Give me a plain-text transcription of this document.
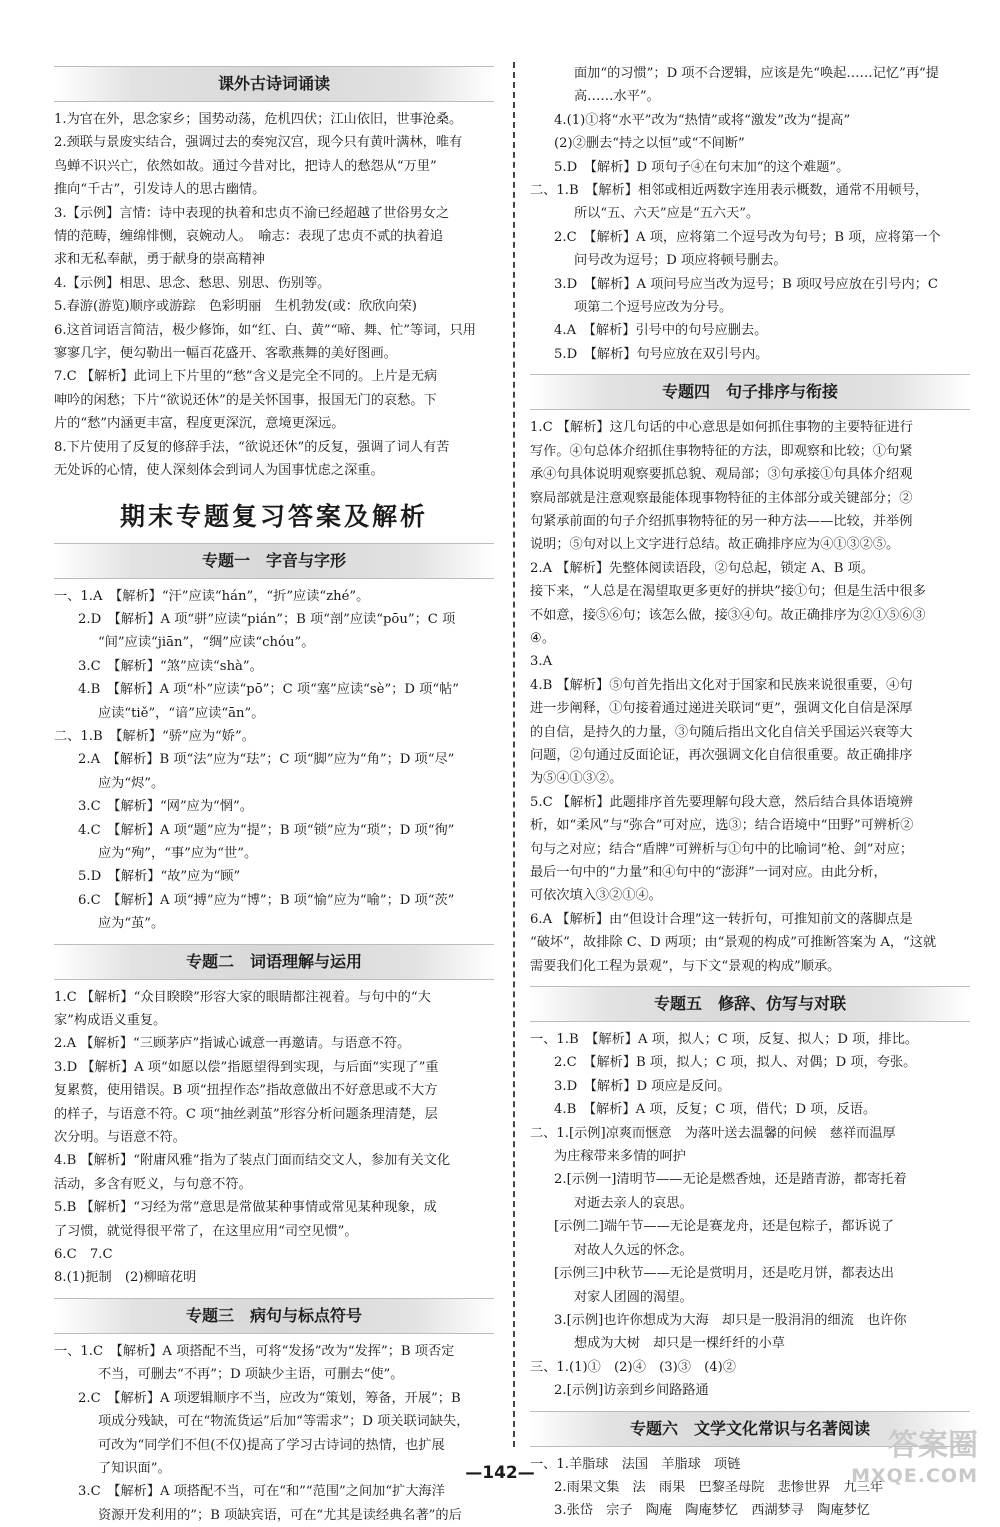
课外古诗词诵读

1.为官在外，思念家乡；国势动荡，危机四伏；江山依旧，世事沧桑。

2.颈联与景废实结合，强调过去的奏宛汉宫，现今只有黄叶满林，唯有

鸟蝉不识兴亡，依然如故。通过今昔对比，把诗人的愁怨从“万里”

推向“千古”，引发诗人的思古幽情。

3.【示例】言情：诗中表现的执着和忠贞不渝已经超越了世俗男女之

情的范畴，缠绵悱恻，哀婉动人。　喻志：表现了忠贞不贰的执着追

求和无私奉献，勇于献身的崇高精神

4.【示例】相思、思念、愁思、别思、伤别等。

5.春游(游览)顺序或游踪　色彩明丽　生机勃发(或：欣欣向荣)

6.这首词语言简洁，极少修饰，如“红、白、黄”“啼、舞、忙”等词，只用

寥寥几字，便勾勒出一幅百花盛开、客歌燕舞的美好图画。

7.C 【解析】此词上下片里的“愁”含义是完全不同的。上片是无病

呻吟的闲愁；下片“欲说还休”的是关怀国事，报国无门的哀愁。下

片的“愁”内涵更丰富，程度更深沉，意境更深远。

8.下片使用了反复的修辞手法，“欲说还休”的反复，强调了词人有苦

无处诉的心情，使人深刻体会到词人为国事忧虑之深重。

期末专题复习答案及解析
专题一　字音与字形

一、1.A　【解析】“汗”应读“hán”，“折”应读“zhé”。

2.D　【解析】A 项“骈”应读“pián”；B 项“剖”应读“pōu”；C 项

“间”应读“jiān”，“绸”应读“chóu”。

3.C　【解析】“煞”应读“shà”。

4.B　【解析】A 项“朴”应读“pō”；C 项“塞”应读“sè”；D 项“帖”

应读“tiě”，“谙”应读“ān”。

二、1.B　【解析】“骄”应为“娇”。

2.A　【解析】B 项“法”应为“珐”；C 项“脚”应为“角”；D 项“尽”

应为“烬”。

3.C　【解析】“网”应为“惘”。

4.C　【解析】A 项“题”应为“提”；B 项“锁”应为“琐”；D 项“徇”

应为“殉”，“事”应为“世”。

5.D　【解析】“故”应为“顾”

6.C　【解析】A 项“搏”应为“博”；B 项“愉”应为“喻”；D 项“茨”

应为“茧”。

专题二　词语理解与运用

1.C 【解析】“众目睽睽”形容大家的眼睛都注视着。与句中的“大

家”构成语义重复。

2.A 【解析】“三顾茅庐”指诚心诚意一再邀请。与语意不符。

3.D 【解析】A 项“如愿以偿”指愿望得到实现，与后面“实现了”重

复累赘，使用错误。B 项“扭捏作态”指故意做出不好意思或不大方

的样子，与语意不符。C 项“抽丝剥茧”形容分析问题条理清楚，层

次分明。与语意不符。

4.B 【解析】“附庸风雅”指为了装点门面而结交文人，参加有关文化

活动，多含有贬义，与句意不符。

5.B 【解析】“习经为常”意思是常做某种事情或常见某种现象，成

了习惯，就觉得很平常了，在这里应用“司空见惯”。

6.C　7.C

8.(1)扼制　(2)柳暗花明

专题三　病句与标点符号

一、1.C　【解析】A 项搭配不当，可将“发扬”改为“发挥”；B 项否定

不当，可删去“不再”；D 项缺少主语，可删去“使”。

2.C　【解析】A 项逻辑顺序不当，应改为“策划，筹备，开展”；B

项成分残缺，可在“物流货运”后加“等需求”；D 项关联词缺失，

可改为“同学们不但(不仅)提高了学习古诗词的热情，也扩展

了知识面”。

3.C　【解析】A 项搭配不当，可在“和”“范围”之间加“扩大海洋

资源开发利用的”；B 项缺宾语，可在“尤其是读经典名著”的后

面加“的习惯”；D 项不合逻辑，应该是先“唤起……记忆”再“提

高……水平”。

4.(1)①将“水平”改为“热情”或将“激发”改为“提高”

(2)②删去“持之以恒”或“不间断”

5.D　【解析】D 项句子④在句末加“的这个难题”。

二、1.B　【解析】相邻或相近两数字连用表示概数，通常不用顿号，

所以“五、六天”应是“五六天”。

2.C　【解析】A 项，应将第二个逗号改为句号；B 项，应将第一个

问号改为逗号；D 项应将顿号删去。

3.D　【解析】A 项问号应当改为逗号；B 项叹号应放在引号内；C

项第二个逗号应改为分号。

4.A　【解析】引号中的句号应删去。

5.D　【解析】句号应放在双引号内。

专题四　句子排序与衔接

1.C 【解析】这几句话的中心意思是如何抓住事物的主要特征进行

写作。④句总体介绍抓住事物特征的方法，即观察和比较；①句紧

承④句具体说明观察要抓总貌、观局部；③句承接①句具体介绍观

察局部就是注意观察最能体现事物特征的主体部分或关键部分；②

句紧承前面的句子介绍抓事物特征的另一种方法——比较，并举例

说明；⑤句对以上文字进行总结。故正确排序应为④①③②⑤。

2.A 【解析】先整体阅读语段，②句总起，锁定 A、B 项。

接下来，“人总是在渴望取更多更好的拼块”接①句；但是生活中很多

不如意，接⑤⑥句；该怎么做，接③④句。故正确排序为②①⑤⑥③

④。

3.A

4.B 【解析】⑤句首先指出文化对于国家和民族来说很重要，④句

进一步阐释，①句接着通过递进关联词“更”，强调文化自信是深厚

的自信，是持久的力量，③句随后指出文化自信关乎国运兴衰等大

问题，②句通过反面论证，再次强调文化自信很重要。故正确排序

为⑤④①③②。

5.C 【解析】此题排序首先要理解句段大意，然后结合具体语境辨

析，如“柔风”与“弥合”可对应，选③；结合语境中“田野”可辨析②

句与之对应；结合“盾牌”可辨析与①句中的比喻词“枪、剑”对应；

最后一句中的“力量”和④句中的“澎湃”一词对应。由此分析，

可依次填入③②①④。

6.A 【解析】由“但设计合理”这一转折句，可推知前文的落脚点是

“破坏”，故排除 C、D 两项；由“景观的构成”可推断答案为 A，“这就

需要我们化工程为景观”，与下文“景观的构成”顺承。

专题五　修辞、仿写与对联

一、1.B　【解析】A 项，拟人；C 项，反复、拟人；D 项，排比。

2.C　【解析】B 项，拟人；C 项，拟人、对偶；D 项，夸张。

3.D　【解析】D 项应是反问。

4.B　【解析】A 项，反复；C 项，借代；D 项，反语。

二、1.[示例]凉爽而惬意　为落叶送去温馨的问候　慈祥而温厚

为庄稼带来多情的呵护

2.[示例一]清明节——无论是燃香烛，还是踏青游，都寄托着

对逝去亲人的哀思。

[示例二]端午节——无论是赛龙舟，还是包粽子，都诉说了

对故人久远的怀念。

[示例三]中秋节——无论是赏明月，还是吃月饼，都表达出

对家人团圆的渴望。

3.[示例]也许你想成为大海　却只是一股涓涓的细流　也许你

想成为大树　却只是一棵纤纤的小草

三、1.(1)①　(2)④　(3)③　(4)②

2.[示例]访亲到乡间路路通

专题六　文学文化常识与名著阅读

一、1.羊脂球　法国　羊脂球　项链

2.雨果文集　法　雨果　巴黎圣母院　悲惨世界　九三年

3.张岱　宗子　陶庵　陶庵梦忆　西湖梦寻　陶庵梦忆

—142—
答案圈
MXQE.COM
